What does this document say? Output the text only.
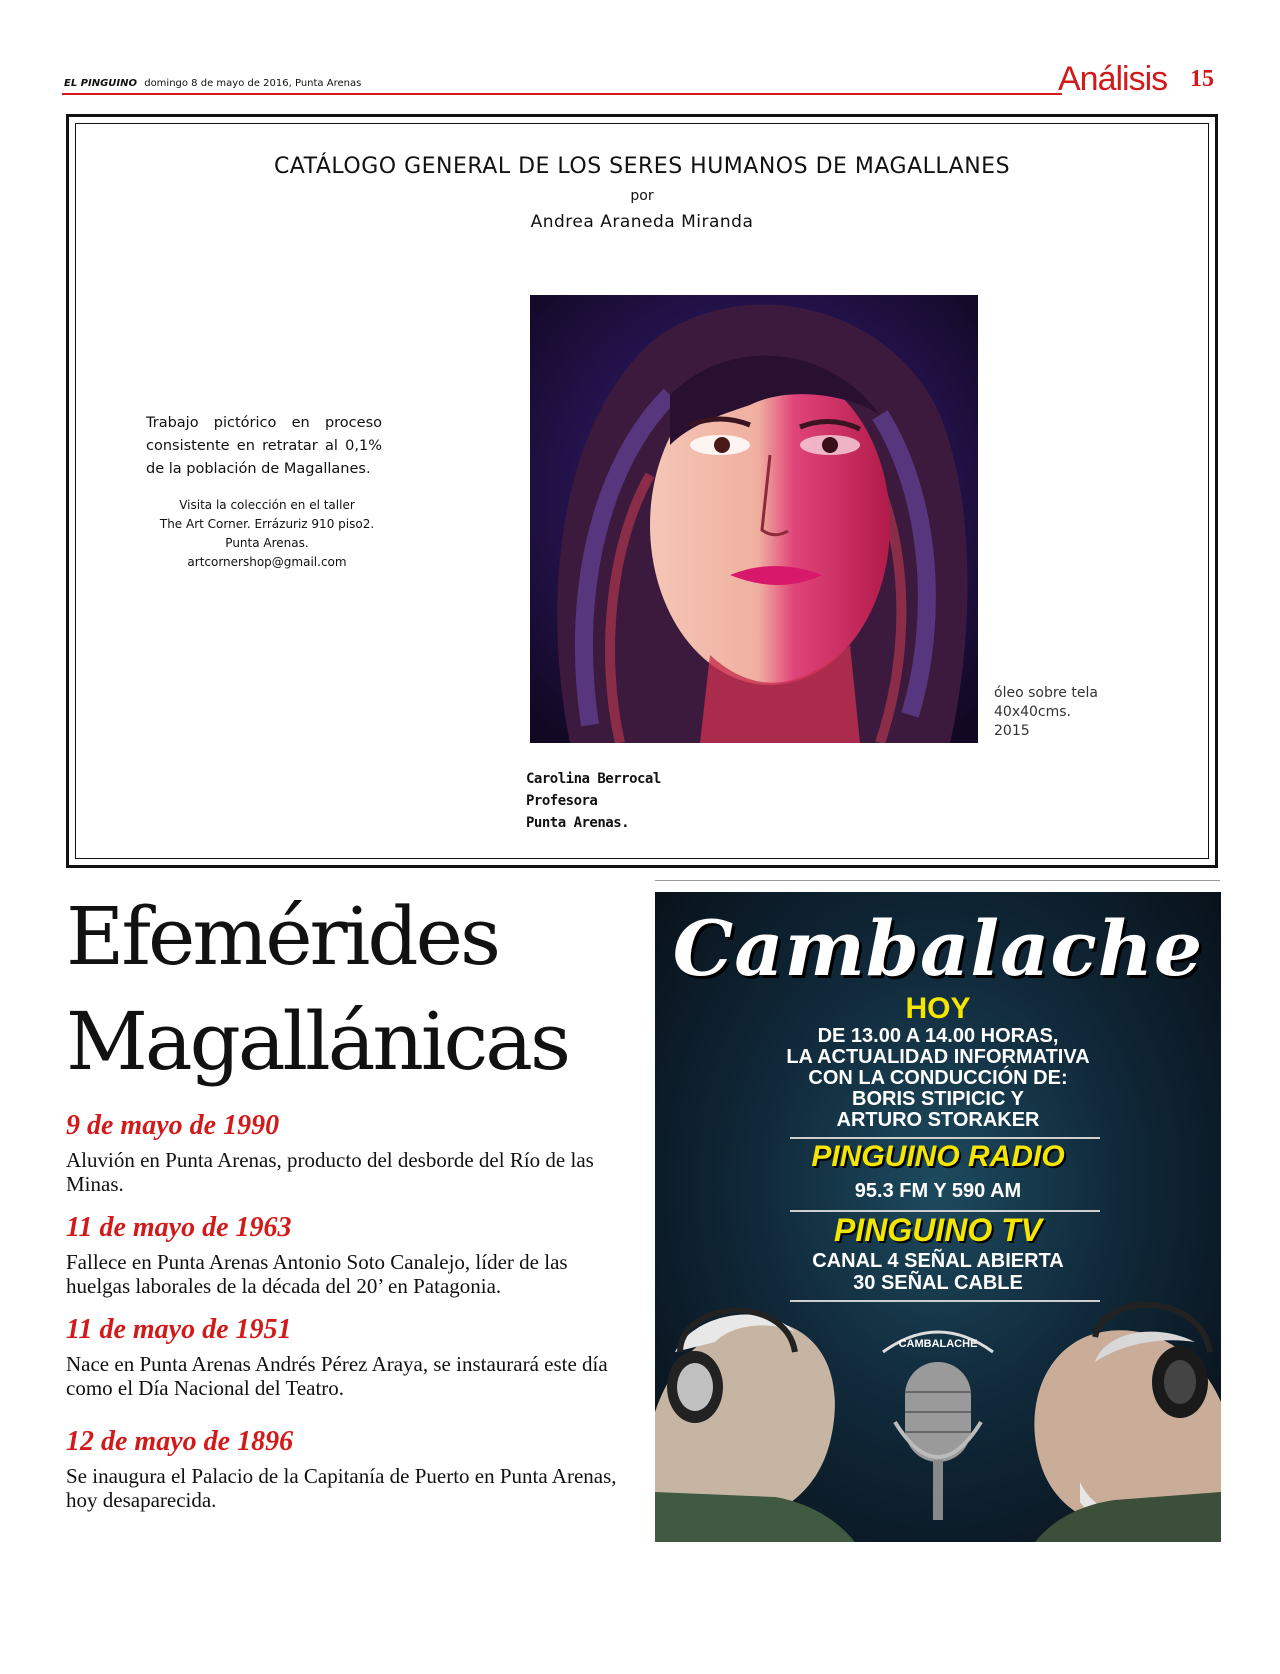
EL PINGUINO domingo 8 de mayo de 2016, Punta Arenas	Análisis 15
CATÁLOGO GENERAL DE LOS SERES HUMANOS DE MAGALLANES
por
Andrea Araneda Miranda
Trabajo pictórico en proceso consistente en retratar al 0,1% de la población de Magallanes.
Visita la colección en el taller
The Art Corner. Errázuriz 910 piso2.
Punta Arenas.
artcornershop@gmail.com
óleo sobre tela
40x40cms.
2015
Carolina Berrocal
Profesora
Punta Arenas.
Efemérides
Magallánicas
9 de mayo de 1990
Aluvión en Punta Arenas, producto del desborde del Río de las Minas.
11 de mayo de 1963
Fallece en Punta Arenas Antonio Soto Canalejo, líder de las huelgas laborales de la década del 20’ en Patagonia.
11 de mayo de 1951
Nace en Punta Arenas Andrés Pérez Araya, se instaurará este día como el Día Nacional del Teatro.
12 de mayo de 1896
Se inaugura el Palacio de la Capitanía de Puerto en Punta Arenas, hoy desaparecida.
Cambalache
HOY
DE 13.00 A 14.00 HORAS,
LA ACTUALIDAD INFORMATIVA
CON LA CONDUCCIÓN DE:
BORIS STIPICIC Y
ARTURO STORAKER
PINGUINO RADIO
95.3 FM Y 590 AM
PINGUINO TV
CANAL 4 SEÑAL ABIERTA
30 SEÑAL CABLE
CAMBALACHE
